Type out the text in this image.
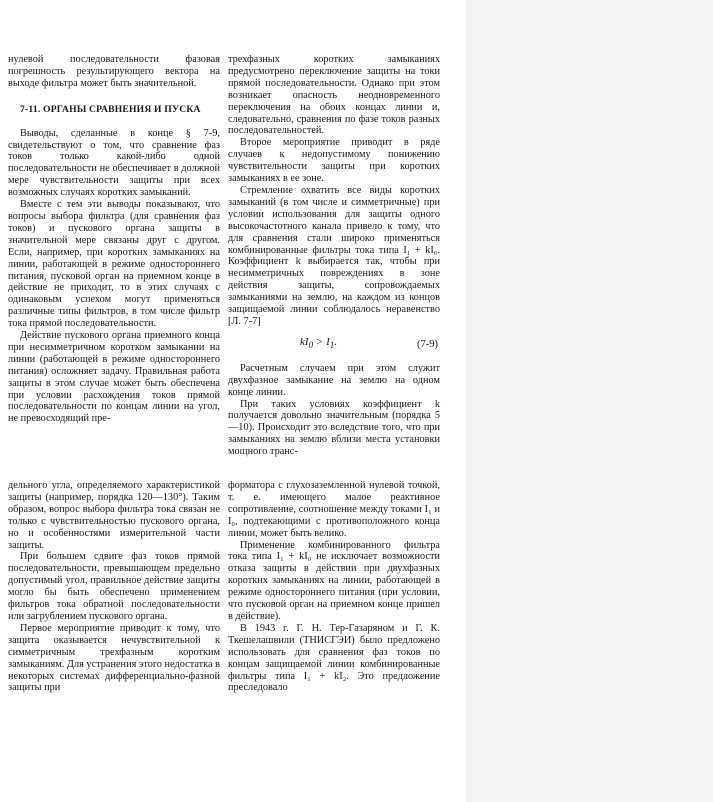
нулевой последовательности фазовая погрешность результирующего вектора на выходе фильтра может быть значительной.

7-11. ОРГАНЫ СРАВНЕНИЯ И ПУСКА

Выводы, сделанные в конце § 7-9, свидетельствуют о том, что сравнение фаз токов только какой-либо одной последовательности не обеспечивает в должной мере чувствительности защиты при всех возможных случаях коротких замыканий.

Вместе с тем эти выводы показывают, что вопросы выбора фильтра (для сравнения фаз токов) и пускового органа защиты в значительной мере связаны друг с другом. Если, например, при коротких замыканиях на линии, работающей в режиме одностороннего питания, пусковой орган на приемном конце в действие не приходит, то в этих случаях с одинаковым успехом могут применяться различные типы фильтров, в том числе фильтр тока прямой последовательности.

Действие пускового органа приемного конца при несимметричном коротком замыкании на линии (работающей в режиме одностороннего питания) осложняет задачу. Правильная работа защиты в этом случае может быть обеспечена при условии расхождения токов прямой последовательности по концам линии на угол, не превосходящий пре-

трехфазных коротких замыканиях предусмотрено переключение защиты на токи прямой последовательности. Однако при этом возникает опасность неодновременного переключения на обоих концах линии и, следовательно, сравнения по фазе токов разных последовательностей.

Второе мероприятие приводит в ряде случаев к недопустимому понижению чувствительности защиты при коротких замыканиях в ее зоне.

Стремление охватить все виды коротких замыканий (в том числе и симметричные) при условии использования для защиты одного высокочастотного канала привело к тому, что для сравнения стали широко применяться комбинированные фильтры тока типа I₁ + kI₀. Коэффициент k выбирается так, чтобы при несимметричных повреждениях в зоне действия защиты, сопровождаемых замыканиями на землю, на каждом из концов защищаемой линии соблюдалось неравенство [Л. 7-7]

$kI_0 > I_1$.	(7-9)

Расчетным случаем при этом служит двухфазное замыкание на землю на одном конце линии.

При таких условиях коэффициент k получается довольно значительным (порядка 5—10). Происходит это вследствие того, что при замыканиях на землю вблизи места установки мощного транс-

дельного угла, определяемого характеристикой защиты (например, порядка 120—130°). Таким образом, вопрос выбора фильтра тока связан не только с чувствительностью пускового органа, но и особенностями измерительной части защиты.

При большем сдвиге фаз токов прямой последовательности, превышающем предельно допустимый угол, правильное действие защиты могло бы быть обеспечено применением фильтров тока обратной последовательности или загрублением пускового органа.

Первое мероприятие приводит к тому, что защита оказывается нечувствительной к симметричным трехфазным коротким замыканиям. Для устранения этого недостатка в некоторых системах дифференциально-фазной защиты при

форматора с глухозаземленной нулевой точкой, т. е. имеющего малое реактивное сопротивление, соотношение между токами I₁ и I₀, подтекающими с противоположного конца линии, может быть велико.

Применение комбинированного фильтра тока типа I₁ + kI₀ не исключает возможности отказа защиты в действии при двухфазных коротких замыканиях на линии, работающей в режиме одностороннего питания (при условии, что пусковой орган на приемном конце пришел в действие).

В 1943 г. Г. Н. Тер-Газаряном и Г. К. Ткешелашвили (ТНИСГЭИ) было предложено использовать для сравнения фаз токов по концам защищаемой линии комбинированные фильтры типа I₁ + kI₂. Это предложение преследовало
